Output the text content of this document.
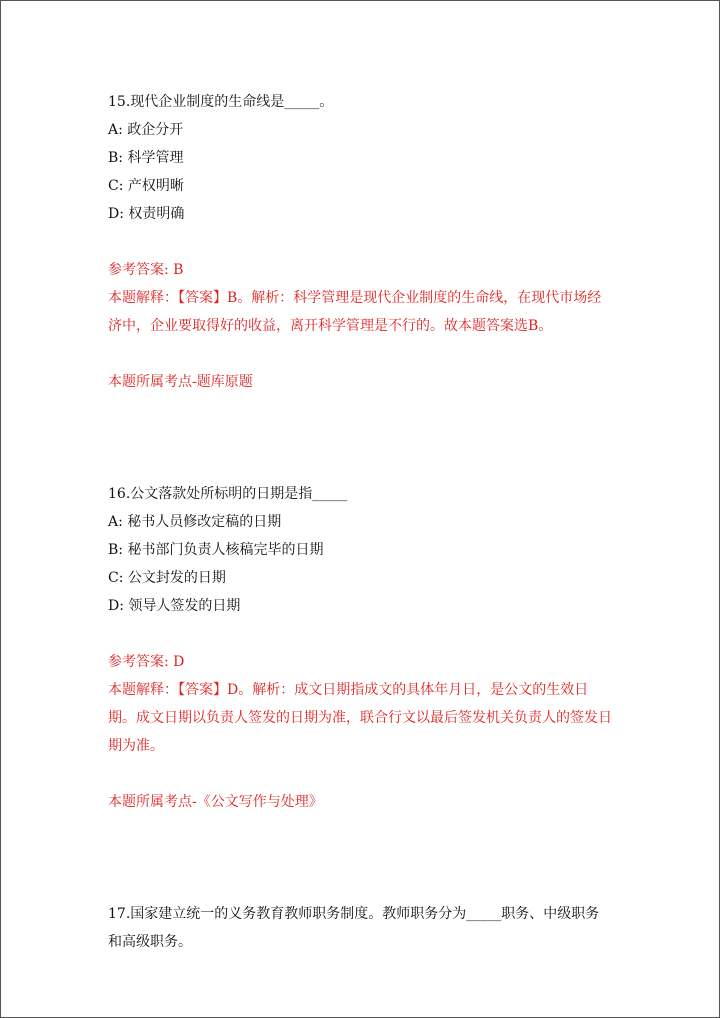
15.现代企业制度的生命线是_____。
A: 政企分开
B: 科学管理
C: 产权明晰
D: 权责明确
参考答案: B
本题解释：【答案】B。解析：科学管理是现代企业制度的生命线，在现代市场经济中，企业要取得好的收益，离开科学管理是不行的。故本题答案选B。
本题所属考点-题库原题
16.公文落款处所标明的日期是指_____
A: 秘书人员修改定稿的日期
B: 秘书部门负责人核稿完毕的日期
C: 公文封发的日期
D: 领导人签发的日期
参考答案: D
本题解释：【答案】D。解析：成文日期指成文的具体年月日，是公文的生效日期。成文日期以负责人签发的日期为准，联合行文以最后签发机关负责人的签发日期为准。
本题所属考点-《公文写作与处理》
17.国家建立统一的义务教育教师职务制度。教师职务分为_____职务、中级职务和高级职务。
